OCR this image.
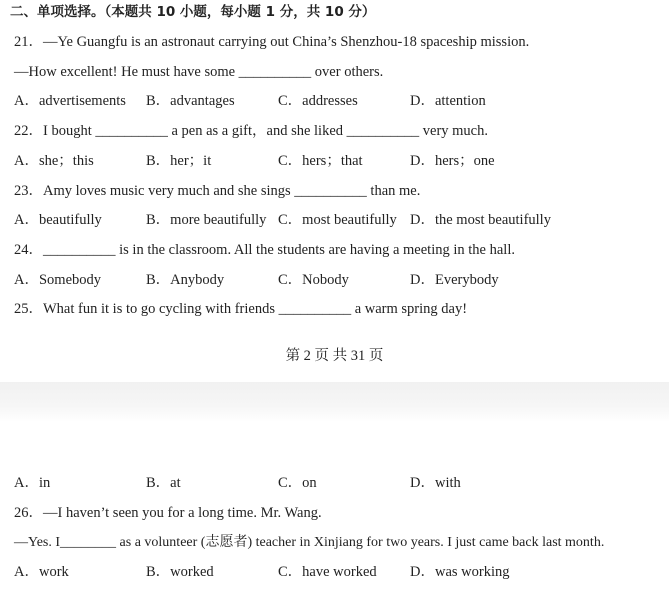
二、单项选择。（本题共 10 小题，每小题 1 分，共 10 分）
21．—Ye Guangfu is an astronaut carrying out China’s Shenzhou-18 spaceship mission.
—How excellent! He must have some __________ over others.
A．advertisements B．advantages	C．addresses	D．attention
22．I bought __________ a pen as a gift，and she liked __________ very much.
A．she；this	B．her；it	C．hers；that	D．hers；one
23．Amy loves music very much and she sings __________ than me.
A．beautifully	B．more beautifully C．most beautifully D．the most beautifully
24．__________ is in the classroom. All the students are having a meeting in the hall.
A．Somebody	B．Anybody	C．Nobody	D．Everybody
25．What fun it is to go cycling with friends __________ a warm spring day!
第 2 页 共 31 页
A．in	B．at	C．on	D．with
26．—I haven’t seen you for a long time. Mr. Wang.
—Yes. I________ as a volunteer (志愿者) teacher in Xinjiang for two years. I just came back last month.
A．work	B．worked	C．have worked D．was working
